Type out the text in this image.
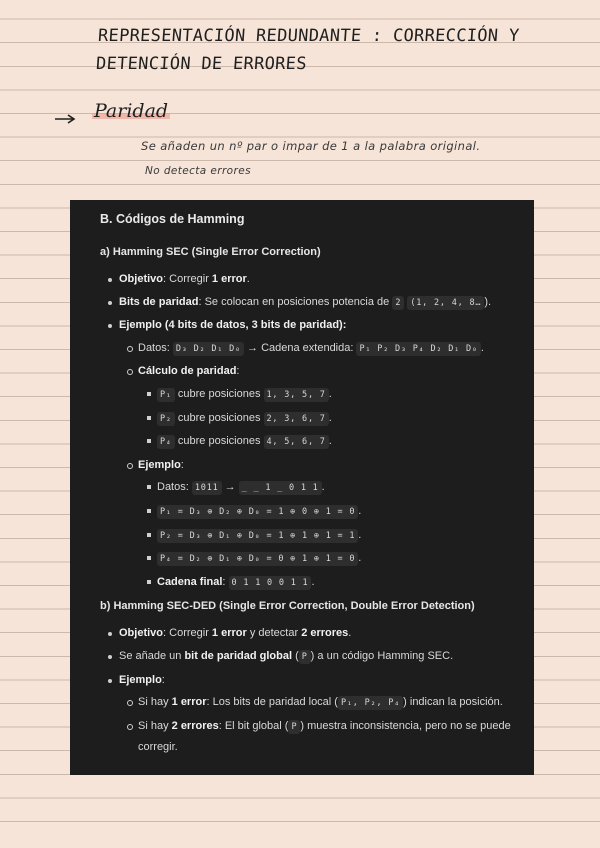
REPRESENTACIÓN REDUNDANTE : CORRECCIÓN Y DETENCIÓN DE ERRORES
Paridad
Se añaden un nº par o impar de 1 a la palabra original.
No detecta errores
B. Códigos de Hamming
a) Hamming SEC (Single Error Correction)
Objetivo: Corregir 1 error.
Bits de paridad: Se colocan en posiciones potencia de 2 (1, 2, 4, 8… ).
Ejemplo (4 bits de datos, 3 bits de paridad):
Datos: D₃ D₂ D₁ D₀ → Cadena extendida: P₁ P₂ D₃ P₄ D₂ D₁ D₀ .
Cálculo de paridad:
P₁ cubre posiciones 1, 3, 5, 7 .
P₂ cubre posiciones 2, 3, 6, 7 .
P₄ cubre posiciones 4, 5, 6, 7 .
Ejemplo:
Datos: 1011 → _ _ 1 _ 0 1 1 .
P₁ = D₃ ⊕ D₂ ⊕ D₀ = 1 ⊕ 0 ⊕ 1 = 0 .
P₂ = D₃ ⊕ D₁ ⊕ D₀ = 1 ⊕ 1 ⊕ 1 = 1 .
P₄ = D₂ ⊕ D₁ ⊕ D₀ = 0 ⊕ 1 ⊕ 1 = 0 .
Cadena final: 0 1 1 0 0 1 1 .
b) Hamming SEC-DED (Single Error Correction, Double Error Detection)
Objetivo: Corregir 1 error y detectar 2 errores.
Se añade un bit de paridad global ( P ) a un código Hamming SEC.
Ejemplo:
Si hay 1 error: Los bits de paridad local ( P₁, P₂, P₄ ) indican la posición.
Si hay 2 errores: El bit global ( P ) muestra inconsistencia, pero no se puede corregir.
